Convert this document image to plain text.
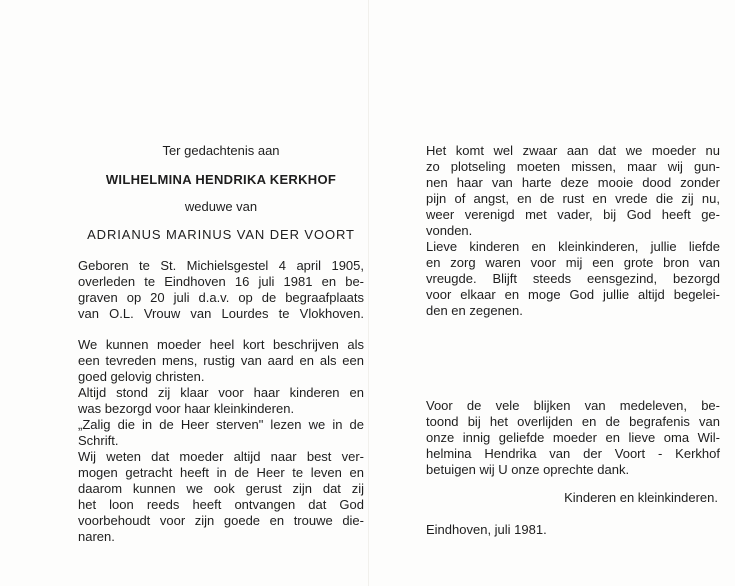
Ter gedachtenis aan
WILHELMINA HENDRIKA KERKHOF
weduwe van
ADRIANUS MARINUS VAN DER VOORT
Geboren te St. Michielsgestel 4 april 1905,
overleden te Eindhoven 16 juli 1981 en be-
graven op 20 juli d.a.v. op de begraafplaats
van O.L. Vrouw van Lourdes te Vlokhoven.
We kunnen moeder heel kort beschrijven als
een tevreden mens, rustig van aard en als een
goed gelovig christen.
Altijd stond zij klaar voor haar kinderen en
was bezorgd voor haar kleinkinderen.
„Zalig die in de Heer sterven" lezen we in de
Schrift.
Wij weten dat moeder altijd naar best ver-
mogen getracht heeft in de Heer te leven en
daarom kunnen we ook gerust zijn dat zij
het loon reeds heeft ontvangen dat God
voorbehoudt voor zijn goede en trouwe die-
naren.
Het komt wel zwaar aan dat we moeder nu
zo plotseling moeten missen, maar wij gun-
nen haar van harte deze mooie dood zonder
pijn of angst, en de rust en vrede die zij nu,
weer verenigd met vader, bij God heeft ge-
vonden.
Lieve kinderen en kleinkinderen, jullie liefde
en zorg waren voor mij een grote bron van
vreugde. Blijft steeds eensgezind, bezorgd
voor elkaar en moge God jullie altijd begelei-
den en zegenen.
Voor de vele blijken van medeleven, be-
toond bij het overlijden en de begrafenis van
onze innig geliefde moeder en lieve oma Wil-
helmina Hendrika van der Voort - Kerkhof
betuigen wij U onze oprechte dank.
Kinderen en kleinkinderen.
Eindhoven, juli 1981.
